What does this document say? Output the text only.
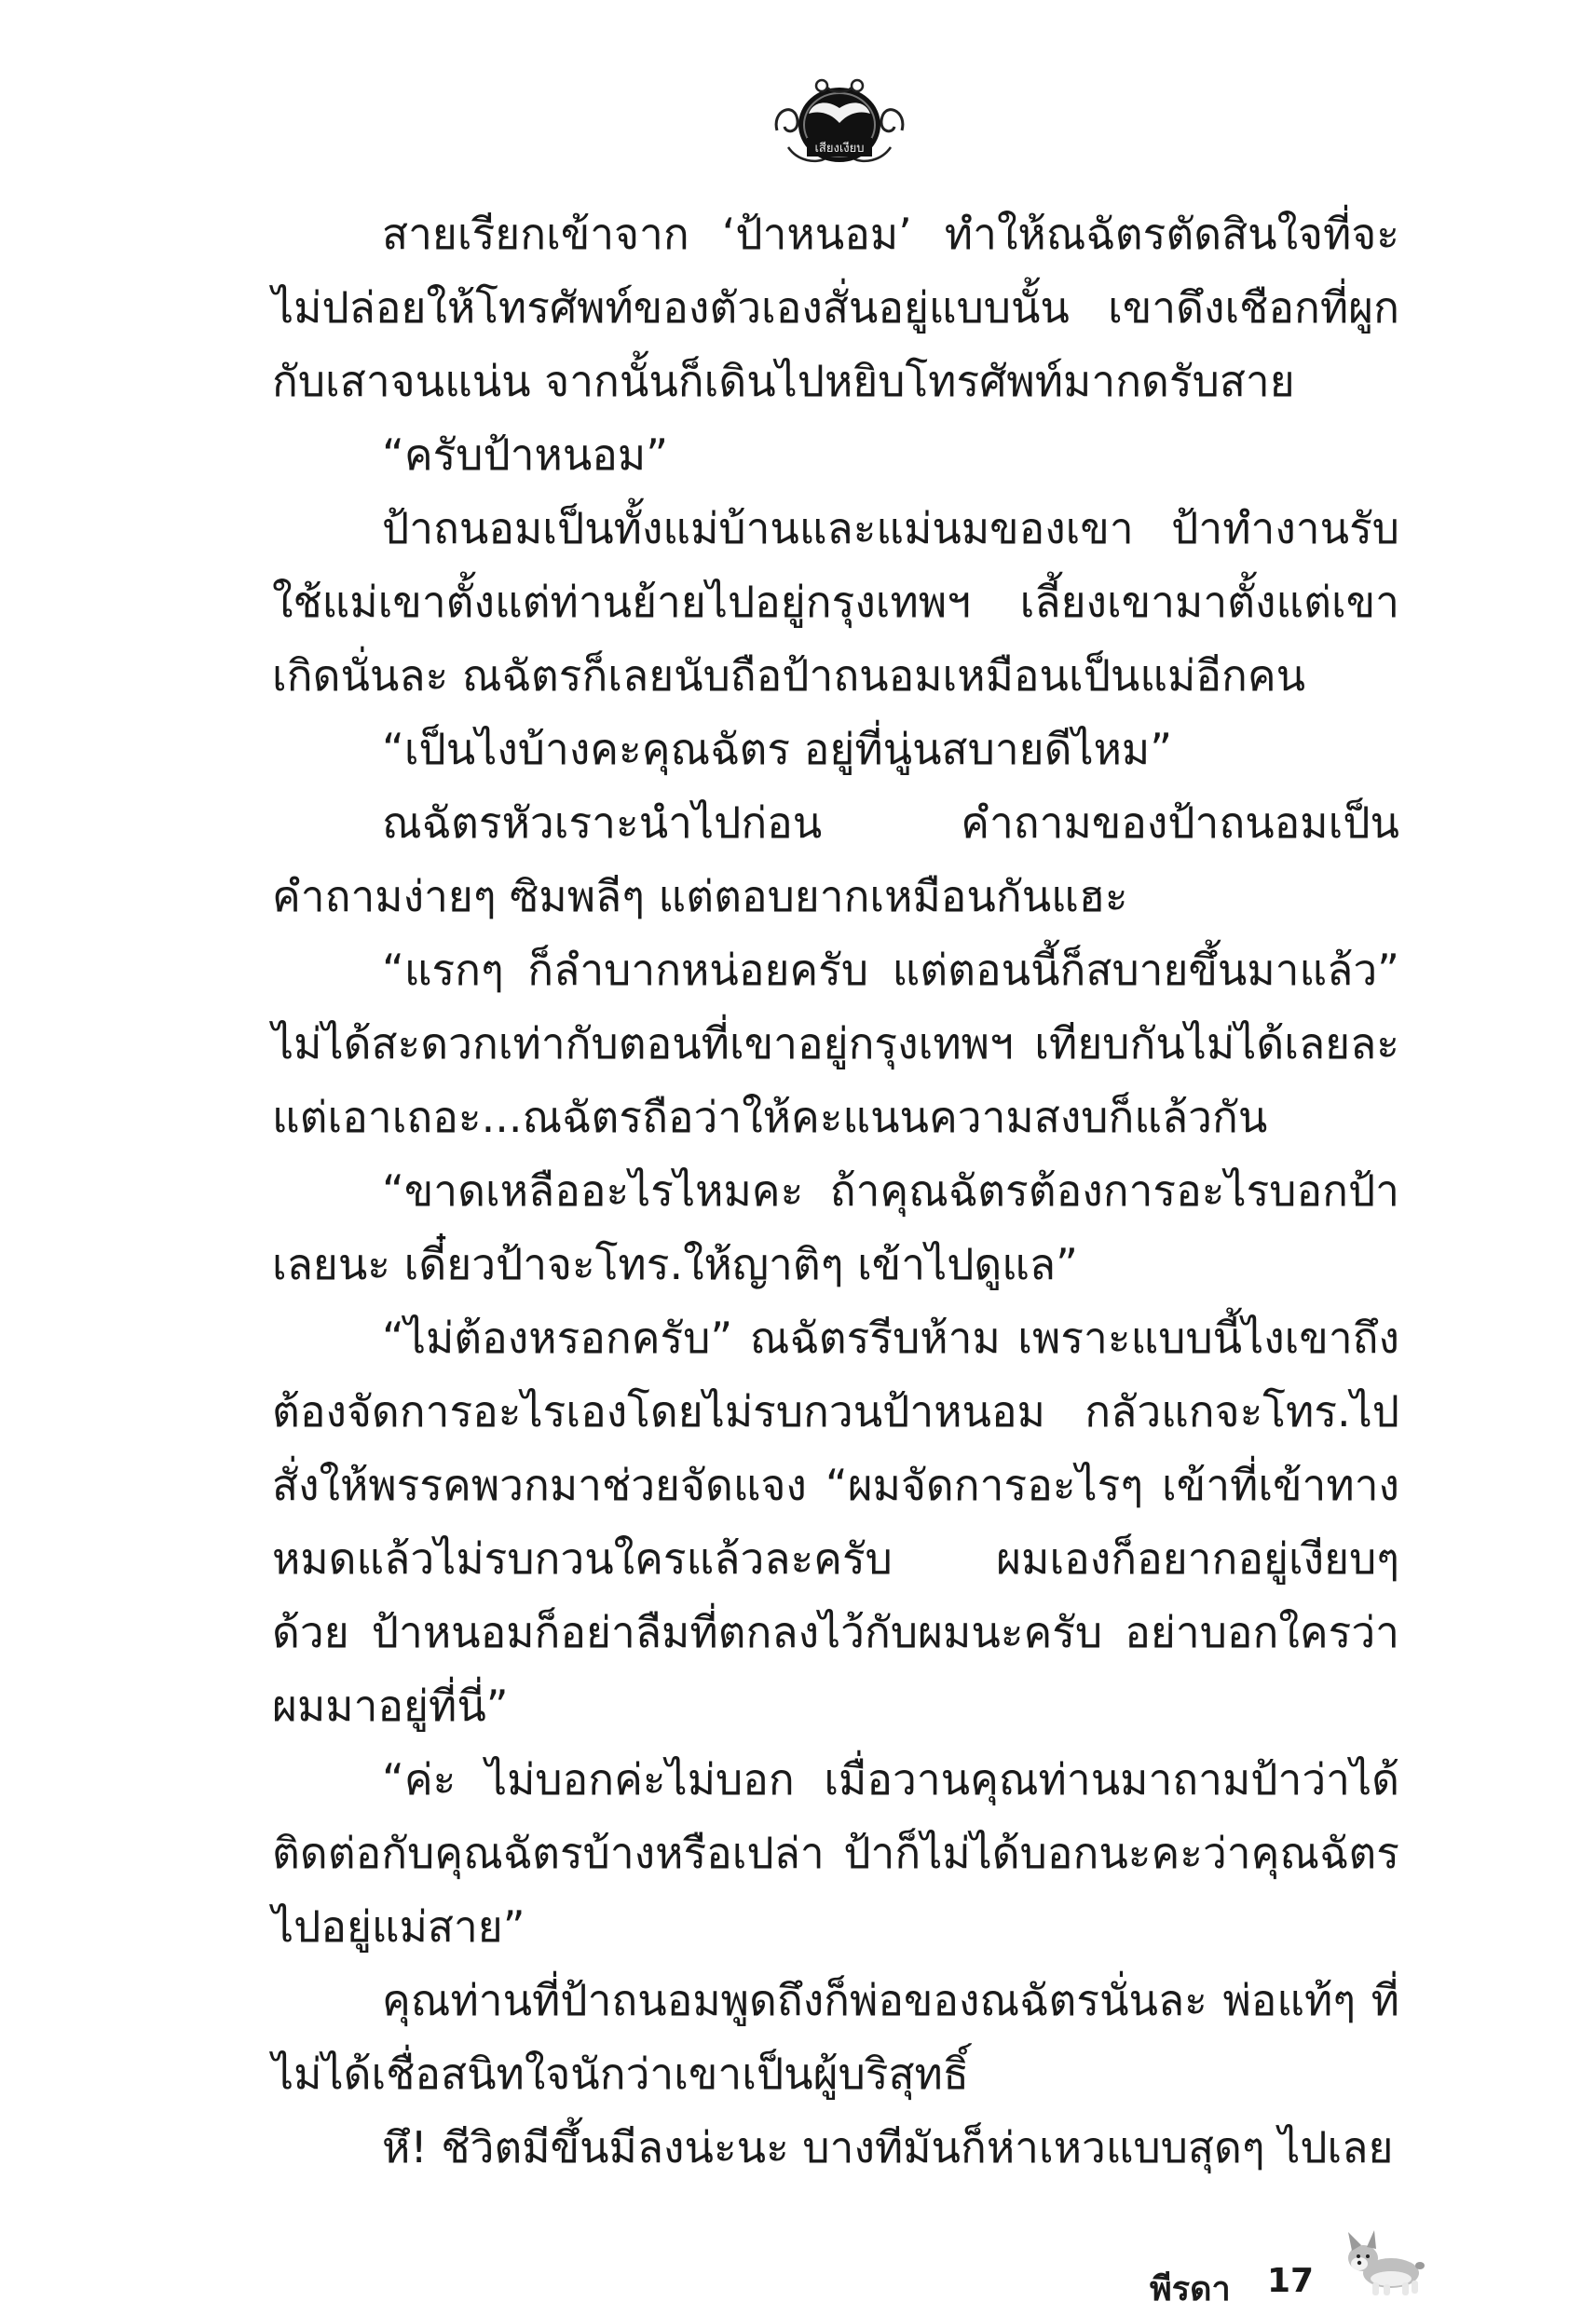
เสียงเงียบ

สายเรียกเข้าจาก ‘ป้าหนอม’ ทำให้ณฉัตรตัดสินใจที่จะไม่ปล่อยให้โทรศัพท์ของตัวเองสั่นอยู่แบบนั้น เขาดึงเชือกที่ผูกกับเสาจนแน่น จากนั้นก็เดินไปหยิบโทรศัพท์มากดรับสาย

“ครับป้าหนอม”

ป้าถนอมเป็นทั้งแม่บ้านและแม่นมของเขา ป้าทำงานรับใช้แม่เขาตั้งแต่ท่านย้ายไปอยู่กรุงเทพฯ เลี้ยงเขามาตั้งแต่เขาเกิดนั่นละ ณฉัตรก็เลยนับถือป้าถนอมเหมือนเป็นแม่อีกคน

“เป็นไงบ้างคะคุณฉัตร อยู่ที่นู่นสบายดีไหม”

ณฉัตรหัวเราะนำไปก่อน คำถามของป้าถนอมเป็นคำถามง่ายๆ ซิมพลีๆ แต่ตอบยากเหมือนกันแฮะ

“แรกๆ ก็ลำบากหน่อยครับ แต่ตอนนี้ก็สบายขึ้นมาแล้ว” ไม่ได้สะดวกเท่ากับตอนที่เขาอยู่กรุงเทพฯ เทียบกันไม่ได้เลยละ แต่เอาเถอะ...ณฉัตรถือว่าให้คะแนนความสงบก็แล้วกัน

“ขาดเหลืออะไรไหมคะ ถ้าคุณฉัตรต้องการอะไรบอกป้าเลยนะ เดี๋ยวป้าจะโทร.ให้ญาติๆ เข้าไปดูแล”

“ไม่ต้องหรอกครับ” ณฉัตรรีบห้าม เพราะแบบนี้ไงเขาถึงต้องจัดการอะไรเองโดยไม่รบกวนป้าหนอม กลัวแกจะโทร.ไปสั่งให้พรรคพวกมาช่วยจัดแจง “ผมจัดการอะไรๆ เข้าที่เข้าทางหมดแล้วไม่รบกวนใครแล้วละครับ ผมเองก็อยากอยู่เงียบๆ ด้วย ป้าหนอมก็อย่าลืมที่ตกลงไว้กับผมนะครับ อย่าบอกใครว่าผมมาอยู่ที่นี่”

“ค่ะ ไม่บอกค่ะไม่บอก เมื่อวานคุณท่านมาถามป้าว่าได้ติดต่อกับคุณฉัตรบ้างหรือเปล่า ป้าก็ไม่ได้บอกนะคะว่าคุณฉัตรไปอยู่แม่สาย”

คุณท่านที่ป้าถนอมพูดถึงก็พ่อของณฉัตรนั่นละ พ่อแท้ๆ ที่ไม่ได้เชื่อสนิทใจนักว่าเขาเป็นผู้บริสุทธิ์

หึ! ชีวิตมีขึ้นมีลงน่ะนะ บางทีมันก็ห่าเหวแบบสุดๆ ไปเลย

พีรดา 17
